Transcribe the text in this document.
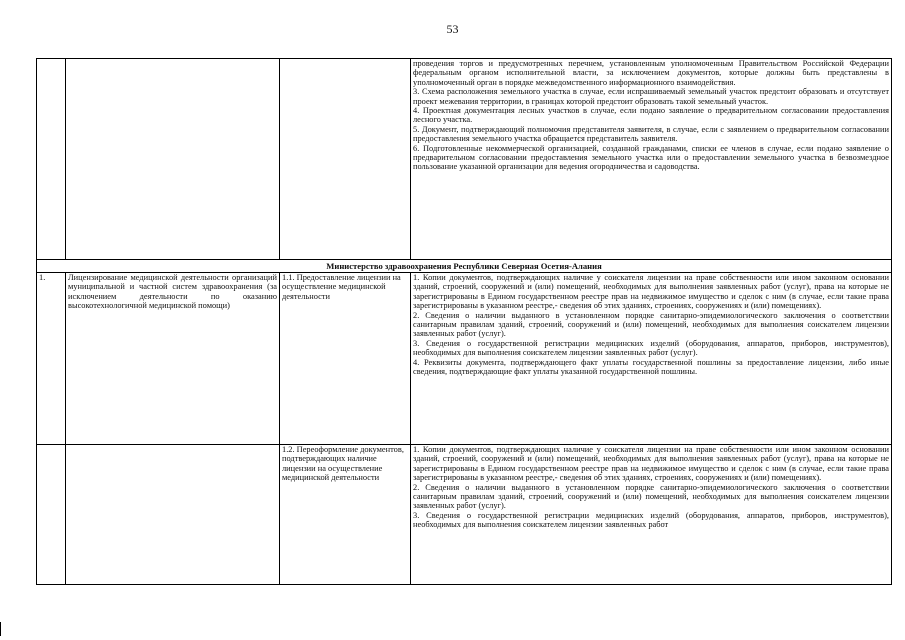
53

			проведения торгов и предусмотренных перечнем, установленным уполномоченным Правительством Российской Федерации федеральным органом исполнительной власти, за исключением документов, которые должны быть представлены в уполномоченный орган в порядке межведомственного информационного взаимодействия.

3. Схема расположения земельного участка в случае, если испрашиваемый земельный участок предстоит образовать и отсутствует проект межевания территории, в границах которой предстоит образовать такой земельный участок.

4. Проектная документация лесных участков в случае, если подано заявление о предварительном согласовании предоставления лесного участка.

5. Документ, подтверждающий полномочия представителя заявителя, в случае, если с заявлением о предварительном согласовании предоставления земельного участка обращается представитель заявителя.

6. Подготовленные некоммерческой организацией, созданной гражданами, списки ее членов в случае, если подано заявление о предварительном согласовании предоставления земельного участка или о предоставлении земельного участка в безвозмездное пользование указанной организации для ведения огородничества и садоводства.

Министерство здравоохранения Республики Северная Осетия-Алания			
1.	Лицензирование медицинской деятельности организаций муниципальной и частной систем здравоохранения (за исключением деятельности по оказанию высокотехнологичной медицинской помощи)	1.1. Предоставление лицензии на осуществление медицинской деятельности	1. Копии документов, подтверждающих наличие у соискателя лицензии на праве собственности или ином законном основании зданий, строений, сооружений и (или) помещений, необходимых для выполнения заявленных работ (услуг), права на которые не зарегистрированы в Едином государственном реестре прав на недвижимое имущество и сделок с ним (в случае, если такие права зарегистрированы в указанном реестре,- сведения об этих зданиях, строениях, сооружениях и (или) помещениях).

2. Сведения о наличии выданного в установленном порядке санитарно-эпидемиологического заключения о соответствии санитарным правилам зданий, строений, сооружений и (или) помещений, необходимых для выполнения соискателем лицензии заявленных работ (услуг).

3. Сведения о государственной регистрации медицинских изделий (оборудования, аппаратов, приборов, инструментов), необходимых для выполнения соискателем лицензии заявленных работ (услуг).

4. Реквизиты документа, подтверждающего факт уплаты государственной пошлины за предоставление лицензии, либо иные сведения, подтверждающие факт уплаты указанной государственной пошлины.

		1.2. Переоформление документов, подтверждающих наличие лицензии на осуществление медицинской деятельности	1. Копии документов, подтверждающих наличие у соискателя лицензии на праве собственности или ином законном основании зданий, строений, сооружений и (или) помещений, необходимых для выполнения заявленных работ (услуг), права на которые не зарегистрированы в Едином государственном реестре прав на недвижимое имущество и сделок с ним (в случае, если такие права зарегистрированы в указанном реестре,- сведения об этих зданиях, строениях, сооружениях и (или) помещениях).

2. Сведения о наличии выданного в установленном порядке санитарно-эпидемиологического заключения о соответствии санитарным правилам зданий, строений, сооружений и (или) помещений, необходимых для выполнения соискателем лицензии заявленных работ (услуг).

3. Сведения о государственной регистрации медицинских изделий (оборудования, аппаратов, приборов, инструментов), необходимых для выполнения соискателем лицензии заявленных работ
